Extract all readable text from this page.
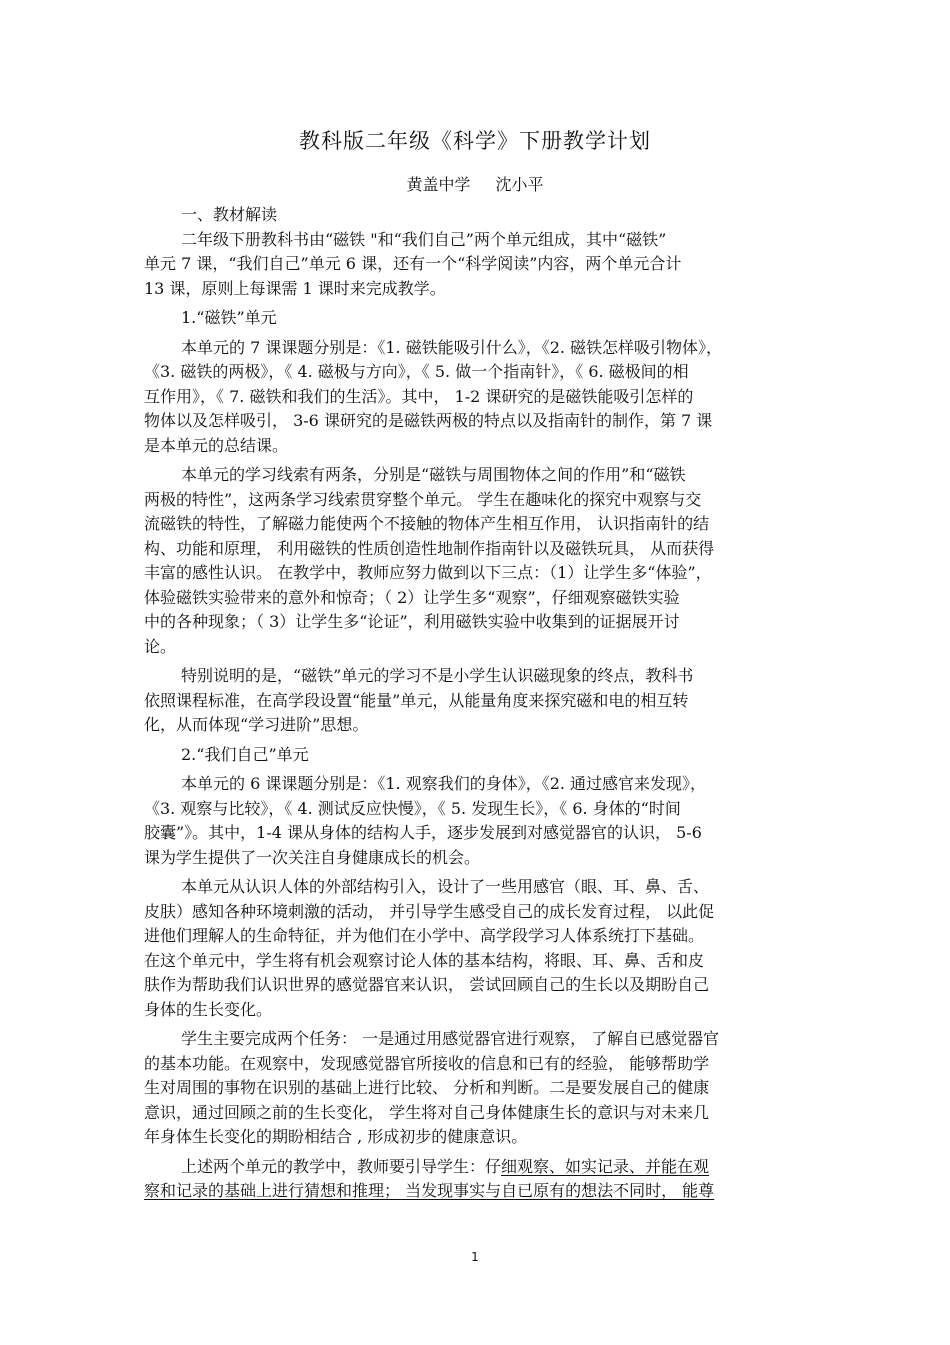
教科版二年级《科学》下册教学计划
黄盖中学 沈小平
一、教材解读
二年级下册教科书由“磁铁 "和“我们自己”两个单元组成，其中“磁铁”
单元 7 课，“我们自己”单元 6 课，还有一个“科学阅读”内容，两个单元合计
13 课，原则上每课需 1 课时来完成教学。
1.“磁铁”单元
本单元的 7 课课题分别是：《1. 磁铁能吸引什么》，《2. 磁铁怎样吸引物体》，
《3. 磁铁的两极》，《 4. 磁极与方向》，《 5. 做一个指南针》，《 6. 磁极间的相
互作用》，《 7. 磁铁和我们的生活》。其中， 1-2 课研究的是磁铁能吸引怎样的
物体以及怎样吸引， 3-6 课研究的是磁铁两极的特点以及指南针的制作，第 7 课
是本单元的总结课。
本单元的学习线索有两条，分别是“磁铁与周围物体之间的作用”和“磁铁
两极的特性”，这两条学习线索贯穿整个单元。 学生在趣味化的探究中观察与交
流磁铁的特性，了解磁力能使两个不接触的物体产生相互作用， 认识指南针的结
构、功能和原理， 利用磁铁的性质创造性地制作指南针以及磁铁玩具， 从而获得
丰富的感性认识。 在教学中，教师应努力做到以下三点：（1）让学生多“体验”，
体验磁铁实验带来的意外和惊奇；（ 2）让学生多“观察”，仔细观察磁铁实验
中的各种现象；（ 3）让学生多“论证”，利用磁铁实验中收集到的证据展开讨
论。
特别说明的是，“磁铁”单元的学习不是小学生认识磁现象的终点，教科书
依照课程标准，在高学段设置“能量”单元，从能量角度来探究磁和电的相互转
化，从而体现“学习进阶”思想。
2.“我们自己”单元
本单元的 6 课课题分别是：《1. 观察我们的身体》，《2. 通过感官来发现》，
《3. 观察与比较》，《 4. 测试反应快慢》，《 5. 发现生长》，《 6. 身体的“时间
胶囊”》。其中，1-4 课从身体的结构人手，逐步发展到对感觉器官的认识， 5-6
课为学生提供了一次关注自身健康成长的机会。
本单元从认识人体的外部结构引入，设计了一些用感官（眼、耳、鼻、舌、
皮肤）感知各种环境刺激的活动， 并引导学生感受自己的成长发育过程， 以此促
进他们理解人的生命特征，并为他们在小学中、高学段学习人体系统打下基础。
在这个单元中，学生将有机会观察讨论人体的基本结构，将眼、耳、鼻、舌和皮
肤作为帮助我们认识世界的感觉器官来认识， 尝试回顾自己的生长以及期盼自己
身体的生长变化。
学生主要完成两个任务： 一是通过用感觉器官进行观察， 了解自已感觉器官
的基本功能。在观察中，发现感觉器官所接收的信息和已有的经验， 能够帮助学
生对周围的事物在识别的基础上进行比较、 分析和判断。二是要发展自己的健康
意识，通过回顾之前的生长变化， 学生将对自己身体健康生长的意识与对未来几
年身体生长变化的期盼相结合 , 形成初步的健康意识。
上述两个单元的教学中，教师要引导学生：仔细观察、如实记录、并能在观
察和记录的基础上进行猜想和推理； 当发现事实与自已原有的想法不同时， 能尊
1
